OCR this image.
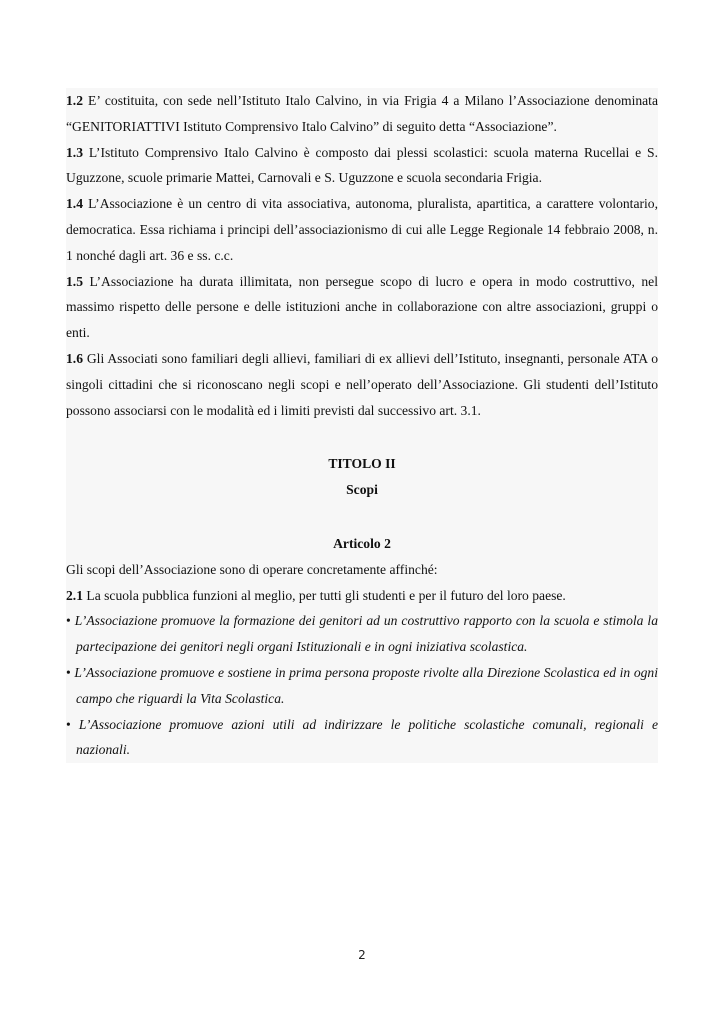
1.2 E’ costituita, con sede nell’Istituto Italo Calvino, in via Frigia 4 a Milano l’Associazione denominata “GENITORIATTIVI Istituto Comprensivo Italo Calvino” di seguito detta “Associazione”.

1.3 L’Istituto Comprensivo Italo Calvino è composto dai plessi scolastici: scuola materna Rucellai e S. Uguzzone, scuole primarie Mattei, Carnovali e S. Uguzzone e scuola secondaria Frigia.

1.4 L’Associazione è un centro di vita associativa, autonoma, pluralista, apartitica, a carattere volontario, democratica. Essa richiama i principi dell’associazionismo di cui alle Legge Regionale 14 febbraio 2008, n. 1 nonché dagli art. 36 e ss. c.c.

1.5 L’Associazione ha durata illimitata, non persegue scopo di lucro e opera in modo costruttivo, nel massimo rispetto delle persone e delle istituzioni anche in collaborazione con altre associazioni, gruppi o enti.

1.6 Gli Associati sono familiari degli allievi, familiari di ex allievi dell’Istituto, insegnanti, personale ATA o singoli cittadini che si riconoscano negli scopi e nell’operato dell’Associazione. Gli studenti dell’Istituto possono associarsi con le modalità ed i limiti previsti dal successivo art. 3.1.

TITOLO II

Scopi

Articolo 2

Gli scopi dell’Associazione sono di operare concretamente affinché:

2.1 La scuola pubblica funzioni al meglio, per tutti gli studenti e per il futuro del loro paese.

• L’Associazione promuove la formazione dei genitori ad un costruttivo rapporto con la scuola e stimola la partecipazione dei genitori negli organi Istituzionali e in ogni iniziativa scolastica.

• L’Associazione promuove e sostiene in prima persona proposte rivolte alla Direzione Scolastica ed in ogni campo che riguardi la Vita Scolastica.

• L’Associazione promuove azioni utili ad indirizzare le politiche scolastiche comunali, regionali e nazionali.

2
